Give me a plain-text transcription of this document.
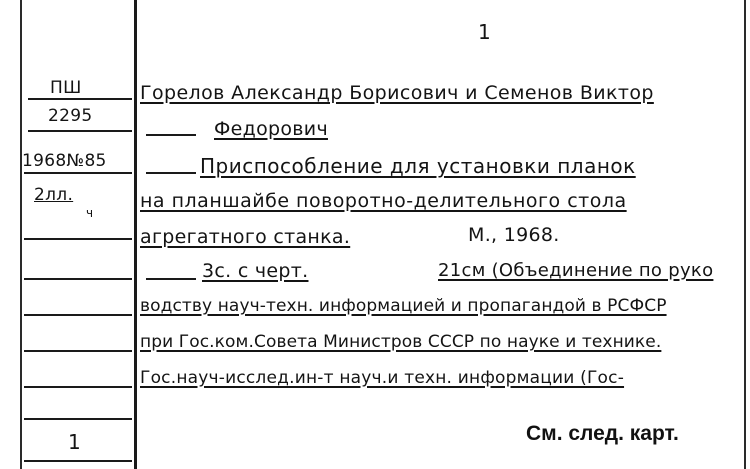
1
ПШ
2295
1968№85
2лл.
ч
1
Горелов Александр Борисович и Семенов Виктор
Федорович
Приспособление для установки планок
на планшайбе поворотно-делительного стола
агрегатного станка.	М., 1968.
3с. с черт.	21см (Объединение по руко
водству науч-техн. информацией и пропагандой в РСФСР
при Гос.ком.Совета Министров СССР по науке и технике.
Гос.науч-исслед.ин-т науч.и техн. информации (Гос-
См. след. карт.
